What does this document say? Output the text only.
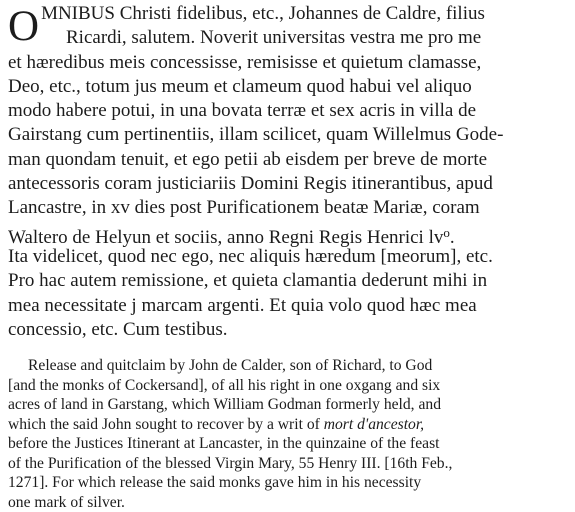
O MNIBUS Christi fidelibus, etc., Johannes de Caldre, filius
Ricardi, salutem. Noverit universitas vestra me pro me
et hæredibus meis concessisse, remisisse et quietum clamasse,
Deo, etc., totum jus meum et clameum quod habui vel aliquo
modo habere potui, in una bovata terræ et sex acris in villa de
Gairstang cum pertinentiis, illam scilicet, quam Willelmus Gode-
man quondam tenuit, et ego petii ab eisdem per breve de morte
antecessoris coram justiciariis Domini Regis itinerantibus, apud
Lancastre, in xv dies post Purificationem beatæ Mariæ, coram
Waltero de Helyun et sociis, anno Regni Regis Henrici $lv^o$.
Ita videlicet, quod nec ego, nec aliquis hæredum [meorum], etc.
Pro hac autem remissione, et quieta clamantia dederunt mihi in
mea necessitate j marcam argenti. Et quia volo quod hæc mea
concessio, etc. Cum testibus.
Release and quitclaim by John de Calder, son of Richard, to God
[and the monks of Cockersand], of all his right in one oxgang and six
acres of land in Garstang, which William Godman formerly held, and
which the said John sought to recover by a writ of mort d'ancestor,
before the Justices Itinerant at Lancaster, in the quinzaine of the feast
of the Purification of the blessed Virgin Mary, 55 Henry III. [16th Feb.,
1271]. For which release the said monks gave him in his necessity
one mark of silver.
